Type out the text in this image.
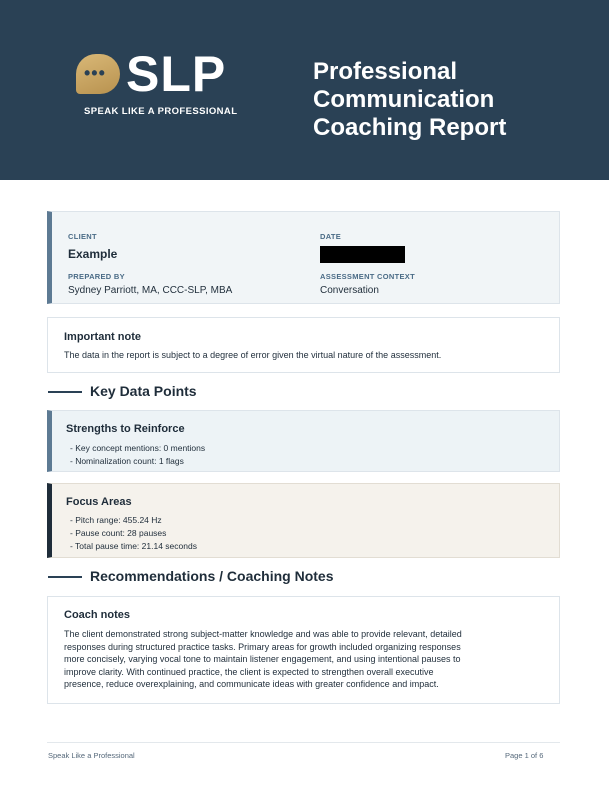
••• SLP
SPEAK LIKE A PROFESSIONAL
Professional
Communication
Coaching Report
CLIENT
Example
DATE
PREPARED BY
Sydney Parriott, MA, CCC-SLP, MBA
ASSESSMENT CONTEXT
Conversation
Important note
The data in the report is subject to a degree of error given the virtual nature of the assessment.
Key Data Points
Strengths to Reinforce
- Key concept mentions: 0 mentions
- Nominalization count: 1 flags
Focus Areas
- Pitch range: 455.24 Hz
- Pause count: 28 pauses
- Total pause time: 21.14 seconds
Recommendations / Coaching Notes
Coach notes
The client demonstrated strong subject-matter knowledge and was able to provide relevant, detailed
responses during structured practice tasks. Primary areas for growth included organizing responses
more concisely, varying vocal tone to maintain listener engagement, and using intentional pauses to
improve clarity. With continued practice, the client is expected to strengthen overall executive
presence, reduce overexplaining, and communicate ideas with greater confidence and impact.
Speak Like a Professional	Page 1 of 6
